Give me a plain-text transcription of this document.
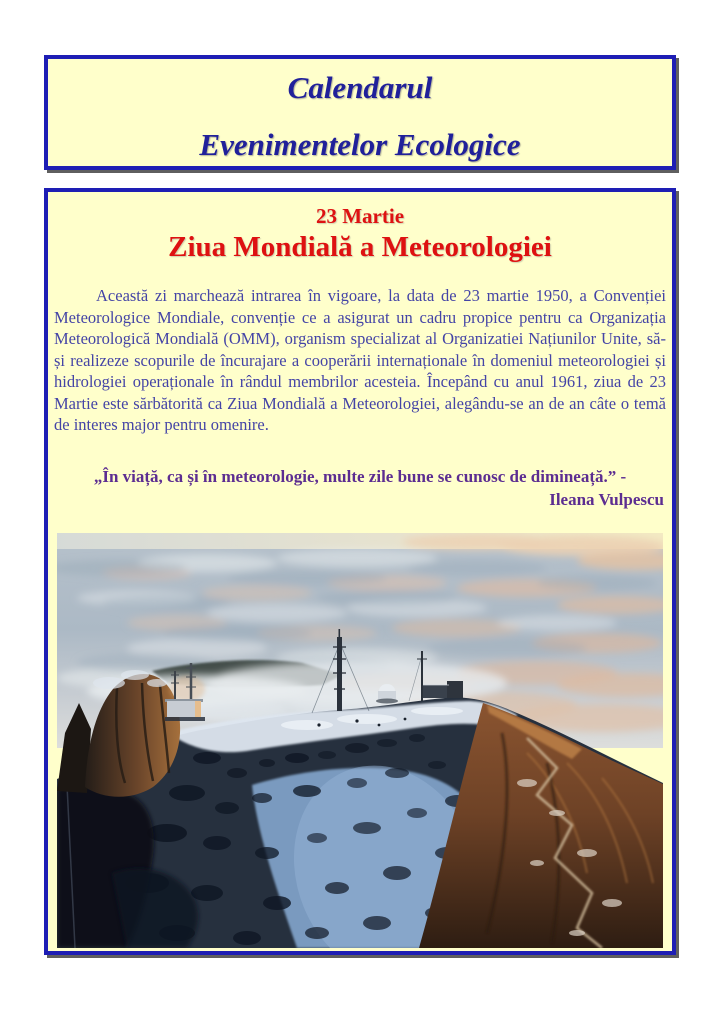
Calendarul
Evenimentelor Ecologice
23 Martie
Ziua Mondială a Meteorologiei

Această zi marchează intrarea în vigoare, la data de 23 martie 1950, a Convenției Meteorologice Mondiale, convenție ce a asigurat un cadru propice pentru ca Organizația Meteorologică Mondială (OMM), organism specializat al Organizatiei Națiunilor Unite, să-și realizeze scopurile de încurajare a cooperării internaționale în domeniul meteorologiei și hidrologiei operaționale în rândul membrilor acesteia. Începând cu anul 1961, ziua de 23 Martie este sărbătorită ca Ziua Mondială a Meteorologiei, alegându-se an de an câte o temă de interes major pentru omenire.

„În viață, ca și în meteorologie, multe zile bune se cunosc de dimineață.” -
Ileana Vulpescu
